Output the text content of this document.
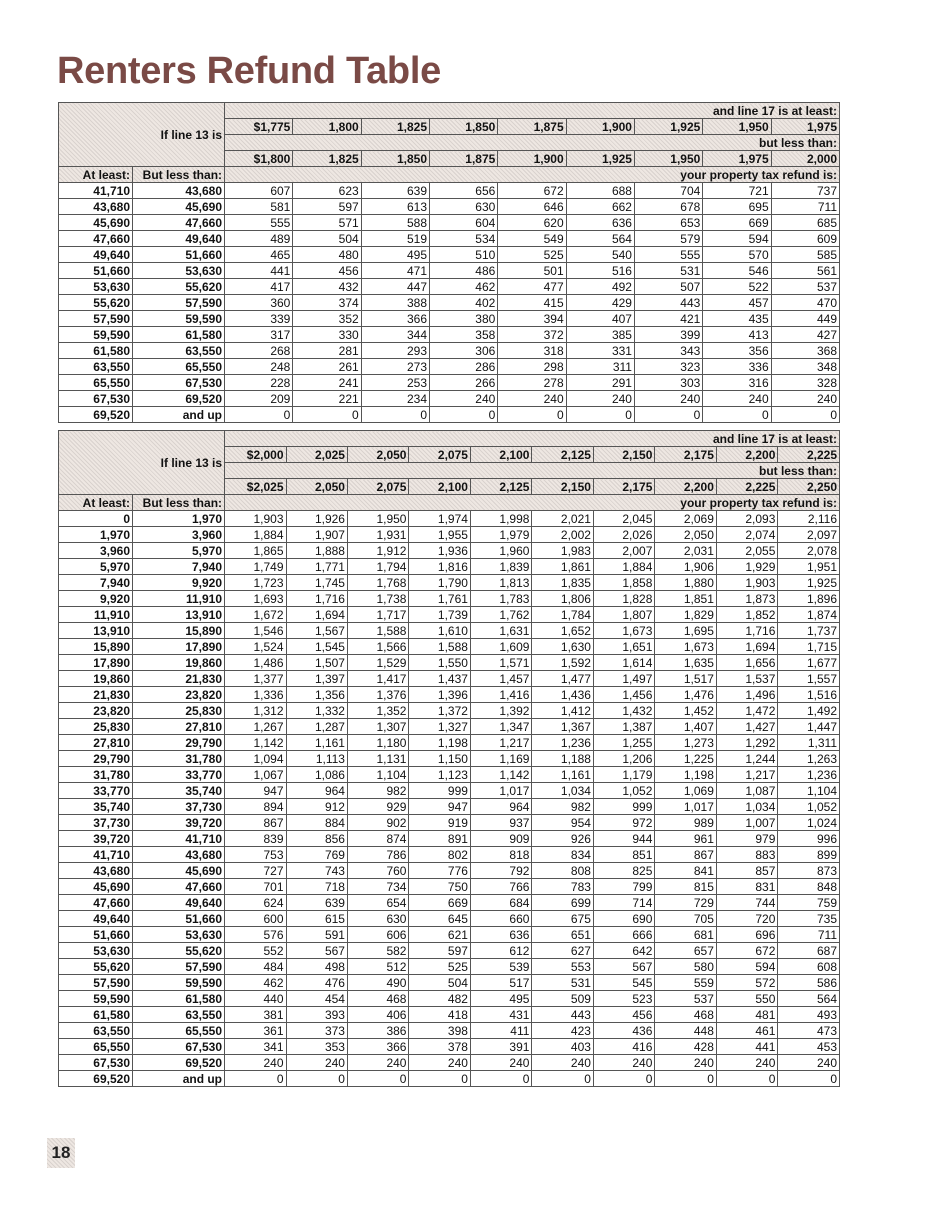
Renters Refund Table
If line 13 is		and line 17 is at least:								
		$1,775	1,800	1,825	1,850	1,875	1,900	1,925	1,950	1,975
		but less than:								
		$1,800	1,825	1,850	1,875	1,900	1,925	1,950	1,975	2,000
At least:	But less than:	your property tax refund is:								
41,710	43,680	607	623	639	656	672	688	704	721	737
43,680	45,690	581	597	613	630	646	662	678	695	711
45,690	47,660	555	571	588	604	620	636	653	669	685
47,660	49,640	489	504	519	534	549	564	579	594	609
49,640	51,660	465	480	495	510	525	540	555	570	585
51,660	53,630	441	456	471	486	501	516	531	546	561
53,630	55,620	417	432	447	462	477	492	507	522	537
55,620	57,590	360	374	388	402	415	429	443	457	470
57,590	59,590	339	352	366	380	394	407	421	435	449
59,590	61,580	317	330	344	358	372	385	399	413	427
61,580	63,550	268	281	293	306	318	331	343	356	368
63,550	65,550	248	261	273	286	298	311	323	336	348
65,550	67,530	228	241	253	266	278	291	303	316	328
67,530	69,520	209	221	234	240	240	240	240	240	240
69,520	and up	0	0	0	0	0	0	0	0	0
If line 13 is		and line 17 is at least:									
		$2,000	2,025	2,050	2,075	2,100	2,125	2,150	2,175	2,200	2,225
		but less than:									
		$2,025	2,050	2,075	2,100	2,125	2,150	2,175	2,200	2,225	2,250
At least:	But less than:	your property tax refund is:									
0	1,970	1,903	1,926	1,950	1,974	1,998	2,021	2,045	2,069	2,093	2,116
1,970	3,960	1,884	1,907	1,931	1,955	1,979	2,002	2,026	2,050	2,074	2,097
3,960	5,970	1,865	1,888	1,912	1,936	1,960	1,983	2,007	2,031	2,055	2,078
5,970	7,940	1,749	1,771	1,794	1,816	1,839	1,861	1,884	1,906	1,929	1,951
7,940	9,920	1,723	1,745	1,768	1,790	1,813	1,835	1,858	1,880	1,903	1,925
9,920	11,910	1,693	1,716	1,738	1,761	1,783	1,806	1,828	1,851	1,873	1,896
11,910	13,910	1,672	1,694	1,717	1,739	1,762	1,784	1,807	1,829	1,852	1,874
13,910	15,890	1,546	1,567	1,588	1,610	1,631	1,652	1,673	1,695	1,716	1,737
15,890	17,890	1,524	1,545	1,566	1,588	1,609	1,630	1,651	1,673	1,694	1,715
17,890	19,860	1,486	1,507	1,529	1,550	1,571	1,592	1,614	1,635	1,656	1,677
19,860	21,830	1,377	1,397	1,417	1,437	1,457	1,477	1,497	1,517	1,537	1,557
21,830	23,820	1,336	1,356	1,376	1,396	1,416	1,436	1,456	1,476	1,496	1,516
23,820	25,830	1,312	1,332	1,352	1,372	1,392	1,412	1,432	1,452	1,472	1,492
25,830	27,810	1,267	1,287	1,307	1,327	1,347	1,367	1,387	1,407	1,427	1,447
27,810	29,790	1,142	1,161	1,180	1,198	1,217	1,236	1,255	1,273	1,292	1,311
29,790	31,780	1,094	1,113	1,131	1,150	1,169	1,188	1,206	1,225	1,244	1,263
31,780	33,770	1,067	1,086	1,104	1,123	1,142	1,161	1,179	1,198	1,217	1,236
33,770	35,740	947	964	982	999	1,017	1,034	1,052	1,069	1,087	1,104
35,740	37,730	894	912	929	947	964	982	999	1,017	1,034	1,052
37,730	39,720	867	884	902	919	937	954	972	989	1,007	1,024
39,720	41,710	839	856	874	891	909	926	944	961	979	996
41,710	43,680	753	769	786	802	818	834	851	867	883	899
43,680	45,690	727	743	760	776	792	808	825	841	857	873
45,690	47,660	701	718	734	750	766	783	799	815	831	848
47,660	49,640	624	639	654	669	684	699	714	729	744	759
49,640	51,660	600	615	630	645	660	675	690	705	720	735
51,660	53,630	576	591	606	621	636	651	666	681	696	711
53,630	55,620	552	567	582	597	612	627	642	657	672	687
55,620	57,590	484	498	512	525	539	553	567	580	594	608
57,590	59,590	462	476	490	504	517	531	545	559	572	586
59,590	61,580	440	454	468	482	495	509	523	537	550	564
61,580	63,550	381	393	406	418	431	443	456	468	481	493
63,550	65,550	361	373	386	398	411	423	436	448	461	473
65,550	67,530	341	353	366	378	391	403	416	428	441	453
67,530	69,520	240	240	240	240	240	240	240	240	240	240
69,520	and up	0	0	0	0	0	0	0	0	0	0
18
